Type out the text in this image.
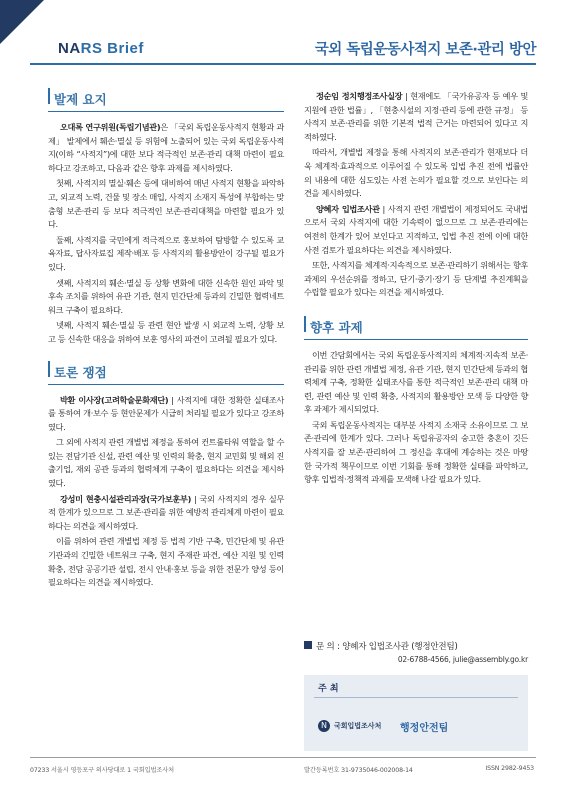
NARS Brief	국외 독립운동사적지 보존·관리 방안
발제 요지

오대록 연구위원(독립기념관)은 「국외 독립운동사적지 현황과 과제」 발제에서 훼손·멸실 등 위험에 노출되어 있는 국외 독립운동사적지(이하 “사적지”)에 대한 보다 적극적인 보존·관리 대책 마련이 필요하다고 강조하고, 다음과 같은 향후 과제를 제시하였다.

첫째, 사적지의 멸실·훼손 등에 대비하여 매년 사적지 현황을 파악하고, 외교적 노력, 건물 및 장소 매입, 사적지 소재지 특성에 부합하는 맞춤형 보존·관리 등 보다 적극적인 보존·관리대책을 마련할 필요가 있다.

둘째, 사적지를 국민에게 적극적으로 홍보하여 탐방할 수 있도록 교육자료, 답사자료집 제작·배포 등 사적지의 활용방안이 강구될 필요가 있다.

셋째, 사적지의 훼손·멸실 등 상황 변화에 대한 신속한 원인 파악 및 후속 조치를 위하여 유관 기관, 현지 민간단체 등과의 긴밀한 협력네트워크 구축이 필요하다.

넷째, 사적지 훼손·멸실 등 관련 현안 발생 시 외교적 노력, 상황 보고 등 신속한 대응을 위하여 보훈 영사의 파견이 고려될 필요가 있다.

토론 쟁점

박환 이사장(고려학술문화재단) | 사적지에 대한 정확한 실태조사를 통하여 개·보수 등 현안문제가 시급히 처리될 필요가 있다고 강조하였다.

그 외에 사적지 관련 개별법 제정을 통하여 컨트롤타워 역할을 할 수 있는 전담기관 신설, 관련 예산 및 인력의 확충, 현지 교민회 및 해외 진출기업, 재외 공관 등과의 협력체계 구축이 필요하다는 의견을 제시하였다.

강성미 현충시설관리과장(국가보훈부) | 국외 사적지의 경우 실무적 한계가 있으므로 그 보존·관리를 위한 예방적 관리체계 마련이 필요하다는 의견을 제시하였다.

이를 위하여 관련 개별법 제정 등 법적 기반 구축, 민간단체 및 유관 기관과의 긴밀한 네트워크 구축, 현지 주재관 파견, 예산 지원 및 인력 확충, 전담 공공기관 설립, 전시 안내·홍보 등을 위한 전문가 양성 등이 필요하다는 의견을 제시하였다.

정순임 정치행정조사실장 | 현재에도 「국가유공자 등 예우 및 지원에 관한 법률」, 「현충시설의 지정·관리 등에 관한 규정」 등 사적지 보존·관리를 위한 기본적 법적 근거는 마련되어 있다고 지적하였다.

따라서, 개별법 제정을 통해 사적지의 보존·관리가 현재보다 더욱 체계적·효과적으로 이루어질 수 있도록 입법 추진 전에 법률안의 내용에 대한 심도있는 사전 논의가 필요할 것으로 보인다는 의견을 제시하였다.

양혜자 입법조사관 | 사적지 관련 개별법이 제정되어도 국내법으로서 국외 사적지에 대한 기속력이 없으므로 그 보존·관리에는 여전히 한계가 있어 보인다고 지적하고, 입법 추진 전에 이에 대한 사전 검토가 필요하다는 의견을 제시하였다.

또한, 사적지를 체계적·지속적으로 보존·관리하기 위해서는 향후 과제의 우선순위를 정하고, 단기·중기·장기 등 단계별 추진계획을 수립할 필요가 있다는 의견을 제시하였다.

향후 과제

이번 간담회에서는 국외 독립운동사적지의 체계적·지속적 보존·관리를 위한 관련 개별법 제정, 유관 기관, 현지 민간단체 등과의 협력체계 구축, 정확한 실태조사를 통한 적극적인 보존·관리 대책 마련, 관련 예산 및 인력 확충, 사적지의 활용방안 모색 등 다양한 향후 과제가 제시되었다.

국외 독립운동사적지는 대부분 사적지 소재국 소유이므로 그 보존·관리에 한계가 있다. 그러나 독립유공자의 숭고한 충혼이 깃든 사적지를 잘 보존·관리하여 그 정신을 후대에 계승하는 것은 마땅한 국가적 책무이므로 이번 기회를 통해 정확한 실태를 파악하고, 향후 입법적·정책적 과제를 모색해 나갈 필요가 있다.

문 의 : 양혜자 입법조사관 (행정안전팀)
02-6788-4566, julie@assembly.go.kr
주 최
N	국회입법조사처 행정안전팀
07233 서울시 영등포구 의사당대로 1 국회입법조사처	발간등록번호 31-9735046-002008-14	ISSN 2982-9453
